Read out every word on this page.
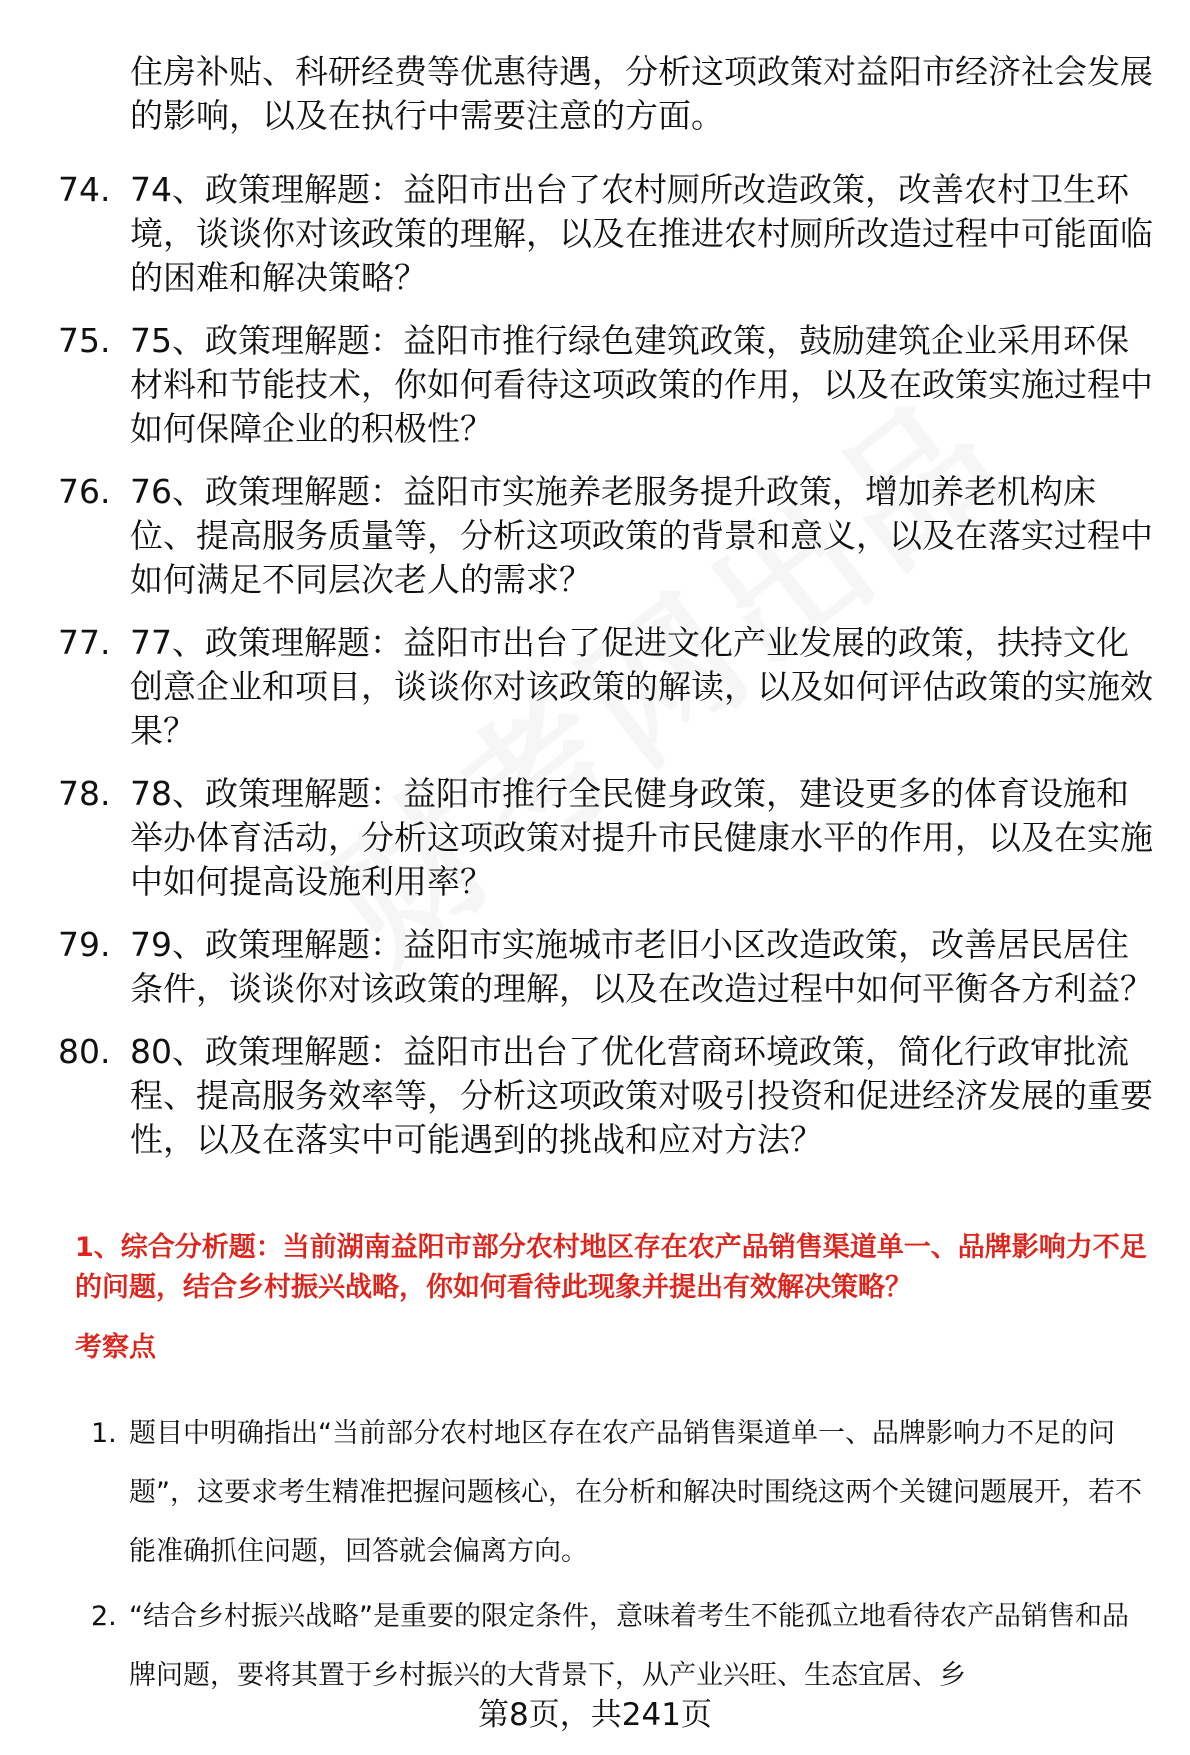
住房补贴、科研经费等优惠待遇，分析这项政策对益阳市经济社会发展的影响，以及在执行中需要注意的方面。
74. 74、政策理解题：益阳市出台了农村厕所改造政策，改善农村卫生环境，谈谈你对该政策的理解，以及在推进农村厕所改造过程中可能面临的困难和解决策略？
75. 75、政策理解题：益阳市推行绿色建筑政策，鼓励建筑企业采用环保材料和节能技术，你如何看待这项政策的作用，以及在政策实施过程中如何保障企业的积极性？
76. 76、政策理解题：益阳市实施养老服务提升政策，增加养老机构床位、提高服务质量等，分析这项政策的背景和意义，以及在落实过程中如何满足不同层次老人的需求？
77. 77、政策理解题：益阳市出台了促进文化产业发展的政策，扶持文化创意企业和项目，谈谈你对该政策的解读，以及如何评估政策的实施效果？
78. 78、政策理解题：益阳市推行全民健身政策，建设更多的体育设施和举办体育活动，分析这项政策对提升市民健康水平的作用，以及在实施中如何提高设施利用率？
79. 79、政策理解题：益阳市实施城市老旧小区改造政策，改善居民居住条件，谈谈你对该政策的理解，以及在改造过程中如何平衡各方利益？
80. 80、政策理解题：益阳市出台了优化营商环境政策，简化行政审批流程、提高服务效率等，分析这项政策对吸引投资和促进经济发展的重要性，以及在落实中可能遇到的挑战和应对方法？

1、综合分析题：当前湖南益阳市部分农村地区存在农产品销售渠道单一、品牌影响力不足的问题，结合乡村振兴战略，你如何看待此现象并提出有效解决策略？

考察点

1. 题目中明确指出“当前部分农村地区存在农产品销售渠道单一、品牌影响力不足的问题”，这要求考生精准把握问题核心，在分析和解决时围绕这两个关键问题展开，若不能准确抓住问题，回答就会偏离方向。
2. “结合乡村振兴战略”是重要的限定条件，意味着考生不能孤立地看待农产品销售和品牌问题，要将其置于乡村振兴的大背景下，从产业兴旺、生态宜居、乡
第8页，共241页
